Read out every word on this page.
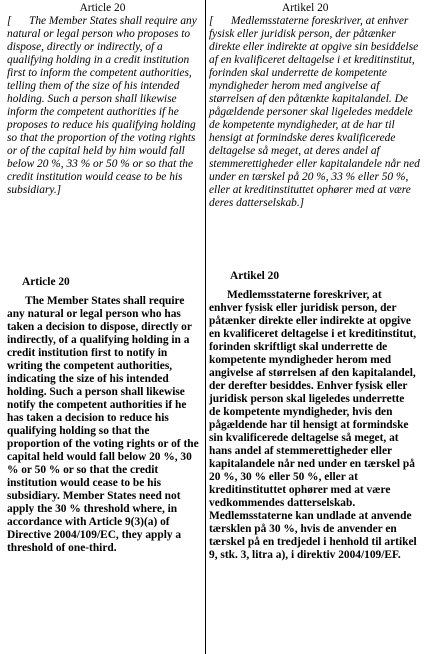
Article 20

[ The Member States shall require any natural or legal person who proposes to dispose, directly or indirectly, of a qualifying holding in a credit institution first to inform the competent authorities, telling them of the size of his intended holding. Such a person shall likewise inform the competent authorities if he proposes to reduce his qualifying holding so that the proportion of the voting rights or of the capital held by him would fall below 20 %, 33 % or 50 % or so that the credit institution would cease to be his subsidiary.]

Article 20

The Member States shall require any natural or legal person who has taken a decision to dispose, directly or indirectly, of a qualifying holding in a credit institution first to notify in writing the competent authorities, indicating the size of his intended holding. Such a person shall likewise notify the competent authorities if he has taken a decision to reduce his qualifying holding so that the proportion of the voting rights or of the capital held would fall below 20 %, 30 % or 50 % or so that the credit institution would cease to be his subsidiary. Member States need not apply the 30 % threshold where, in accordance with Article 9(3)(a) of Directive 2004/109/EC, they apply a threshold of one-third.

Artikel 20

[ Medlemsstaterne foreskriver, at enhver fysisk eller juridisk person, der påtænker direkte eller indirekte at opgive sin besiddelse af en kvalificeret deltagelse i et kreditinstitut, forinden skal underrette de kompetente myndigheder herom med angivelse af størrelsen af den påtænkte kapitalandel. De pågældende personer skal ligeledes meddele de kompetente myndigheder, at de har til hensigt at formindske deres kvalificerede deltagelse så meget, at deres andel af stemmerettigheder eller kapitalandele når ned under en tærskel på 20 %, 33 % eller 50 %, eller at kreditinstituttet ophører med at være deres datterselskab.]

Artikel 20

Medlemsstaterne foreskriver, at enhver fysisk eller juridisk person, der påtænker direkte eller indirekte at opgive en kvalificeret deltagelse i et kreditinstitut, forinden skriftligt skal underrette de kompetente myndigheder herom med angivelse af størrelsen af den kapitalandel, der derefter besiddes. Enhver fysisk eller juridisk person skal ligeledes underrette de kompetente myndigheder, hvis den pågældende har til hensigt at formindske sin kvalificerede deltagelse så meget, at hans andel af stemmerettigheder eller kapitalandele når ned under en tærskel på 20 %, 30 % eller 50 %, eller at kreditinstituttet ophører med at være vedkommendes datterselskab. Medlemsstaterne kan undlade at anvende tærsklen på 30 %, hvis de anvender en tærskel på en tredjedel i henhold til artikel 9, stk. 3, litra a), i direktiv 2004/109/EF.
